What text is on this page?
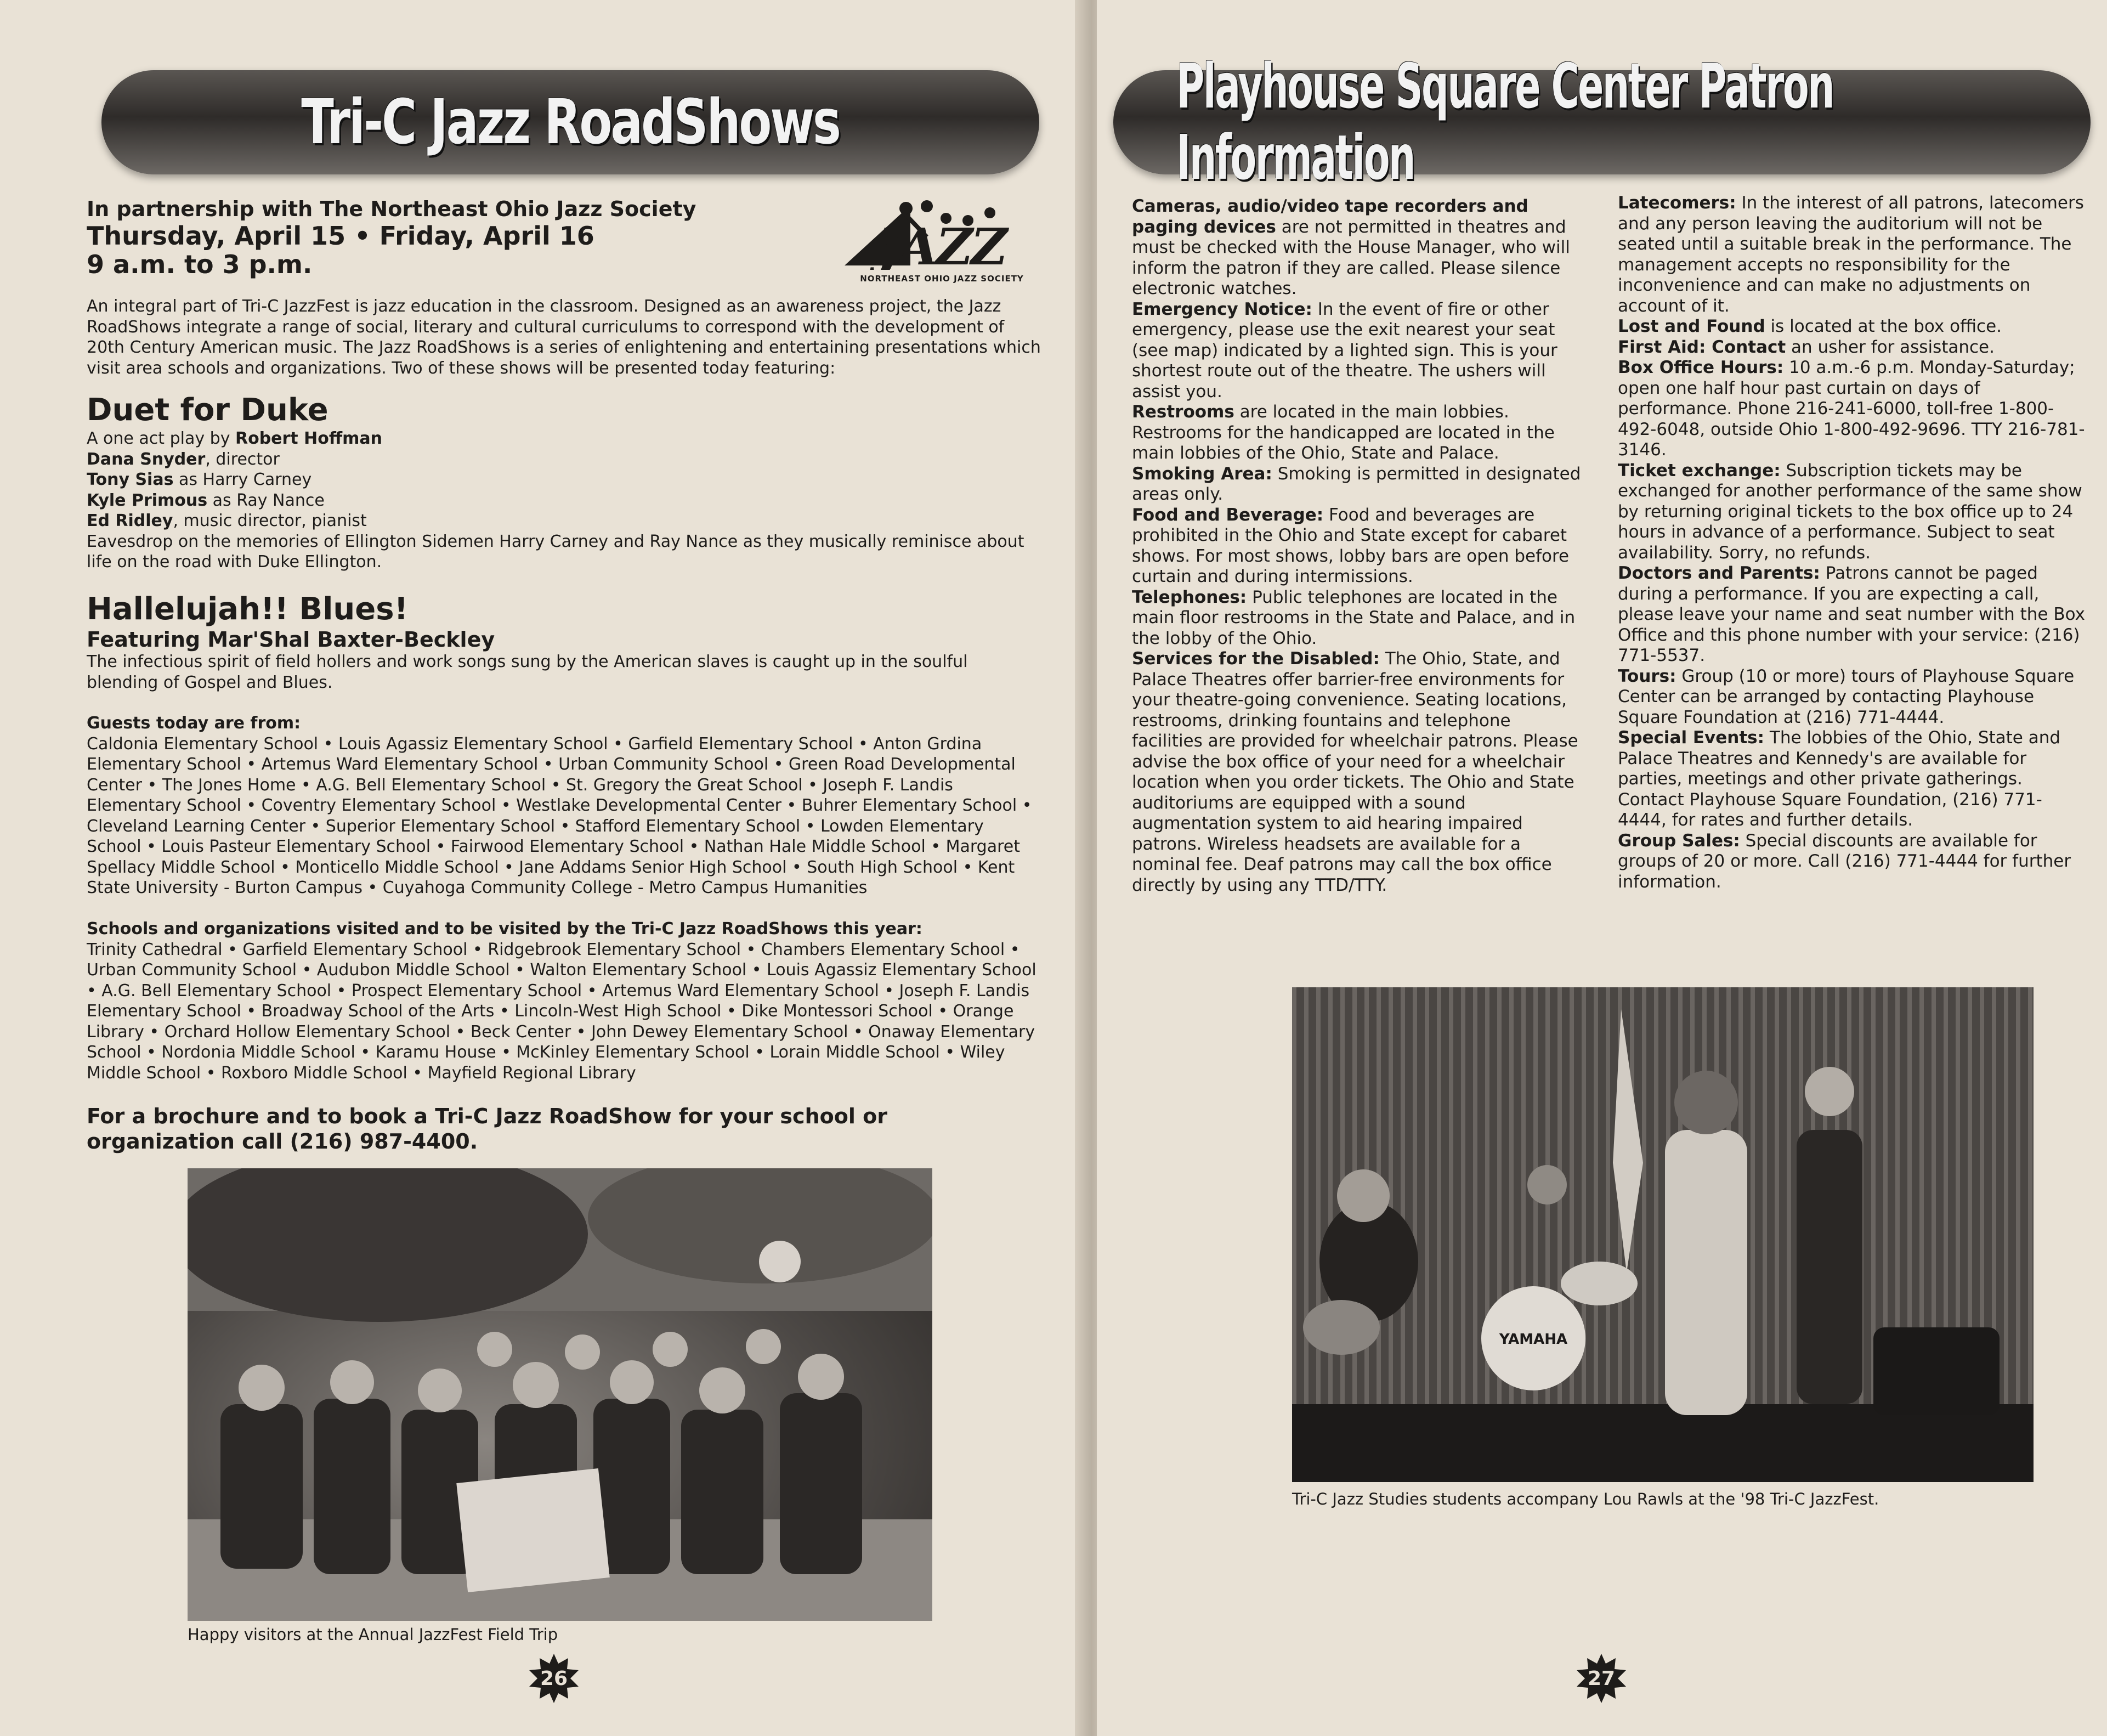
Tri-C Jazz RoadShows
In partnership with The Northeast Ohio Jazz Society
Thursday, April 15 • Friday, April 16
9 a.m. to 3 p.m.	JAZZ
NORTHEAST OHIO JAZZ SOCIETY
An integral part of Tri-C JazzFest is jazz education in the classroom. Designed as an awareness project, the Jazz RoadShows integrate a range of social, literary and cultural curriculums to correspond with the development of 20th Century American music. The Jazz RoadShows is a series of enlightening and entertaining presentations which visit area schools and organizations. Two of these shows will be presented today featuring:
Duet for Duke
A one act play by Robert Hoffman
Dana Snyder, director
Tony Sias as Harry Carney
Kyle Primous as Ray Nance
Ed Ridley, music director, pianist
Eavesdrop on the memories of Ellington Sidemen Harry Carney and Ray Nance as they musically reminisce about life on the road with Duke Ellington.
Hallelujah!! Blues!
Featuring Mar'Shal Baxter-Beckley
The infectious spirit of field hollers and work songs sung by the American slaves is caught up in the soulful blending of Gospel and Blues.
Guests today are from:
Caldonia Elementary School • Louis Agassiz Elementary School • Garfield Elementary School • Anton Grdina Elementary School • Artemus Ward Elementary School • Urban Community School • Green Road Developmental Center • The Jones Home • A.G. Bell Elementary School • St. Gregory the Great School • Joseph F. Landis Elementary School • Coventry Elementary School • Westlake Developmental Center • Buhrer Elementary School • Cleveland Learning Center • Superior Elementary School • Stafford Elementary School • Lowden Elementary School • Louis Pasteur Elementary School • Fairwood Elementary School • Nathan Hale Middle School • Margaret Spellacy Middle School • Monticello Middle School • Jane Addams Senior High School • South High School • Kent State University - Burton Campus • Cuyahoga Community College - Metro Campus Humanities
Schools and organizations visited and to be visited by the Tri-C Jazz RoadShows this year:
Trinity Cathedral • Garfield Elementary School • Ridgebrook Elementary School • Chambers Elementary School • Urban Community School • Audubon Middle School • Walton Elementary School • Louis Agassiz Elementary School • A.G. Bell Elementary School • Prospect Elementary School • Artemus Ward Elementary School • Joseph F. Landis Elementary School • Broadway School of the Arts • Lincoln-West High School • Dike Montessori School • Orange Library • Orchard Hollow Elementary School • Beck Center • John Dewey Elementary School • Onaway Elementary School • Nordonia Middle School • Karamu House • McKinley Elementary School • Lorain Middle School • Wiley Middle School • Roxboro Middle School • Mayfield Regional Library
For a brochure and to book a Tri-C Jazz RoadShow for your school or organization call (216) 987-4400.
Happy visitors at the Annual JazzFest Field Trip
26
Playhouse Square Center Patron Information

Cameras, audio/video tape recorders and paging devices are not permitted in theatres and must be checked with the House Manager, who will inform the patron if they are called. Please silence electronic watches.

Emergency Notice: In the event of fire or other emergency, please use the exit nearest your seat (see map) indicated by a lighted sign. This is your shortest route out of the theatre. The ushers will assist you.

Restrooms are located in the main lobbies. Restrooms for the handicapped are located in the main lobbies of the Ohio, State and Palace.

Smoking Area: Smoking is permitted in designated areas only.

Food and Beverage: Food and beverages are prohibited in the Ohio and State except for cabaret shows. For most shows, lobby bars are open before curtain and during intermissions.

Telephones: Public telephones are located in the main floor restrooms in the State and Palace, and in the lobby of the Ohio.

Services for the Disabled: The Ohio, State, and Palace Theatres offer barrier-free environments for your theatre-going convenience. Seating locations, restrooms, drinking fountains and telephone facilities are provided for wheelchair patrons. Please advise the box office of your need for a wheelchair location when you order tickets. The Ohio and State auditoriums are equipped with a sound augmentation system to aid hearing impaired patrons. Wireless headsets are available for a nominal fee. Deaf patrons may call the box office directly by using any TTD/TTY.

Latecomers: In the interest of all patrons, latecomers and any person leaving the auditorium will not be seated until a suitable break in the performance. The management accepts no responsibility for the inconvenience and can make no adjustments on account of it.

Lost and Found is located at the box office.

First Aid: Contact an usher for assistance.

Box Office Hours: 10 a.m.-6 p.m. Monday-Saturday; open one half hour past curtain on days of performance. Phone 216-241-6000, toll-free 1-800-492-6048, outside Ohio 1-800-492-9696. TTY 216-781-3146.

Ticket exchange: Subscription tickets may be exchanged for another performance of the same show by returning original tickets to the box office up to 24 hours in advance of a performance. Subject to seat availability. Sorry, no refunds.

Doctors and Parents: Patrons cannot be paged during a performance. If you are expecting a call, please leave your name and seat number with the Box Office and this phone number with your service: (216) 771-5537.

Tours: Group (10 or more) tours of Playhouse Square Center can be arranged by contacting Playhouse Square Foundation at (216) 771-4444.

Special Events: The lobbies of the Ohio, State and Palace Theatres and Kennedy's are available for parties, meetings and other private gatherings. Contact Playhouse Square Foundation, (216) 771-4444, for rates and further details.

Group Sales: Special discounts are available for groups of 20 or more. Call (216) 771-4444 for further information.

YAMAHA
Tri-C Jazz Studies students accompany Lou Rawls at the '98 Tri-C JazzFest.
27
